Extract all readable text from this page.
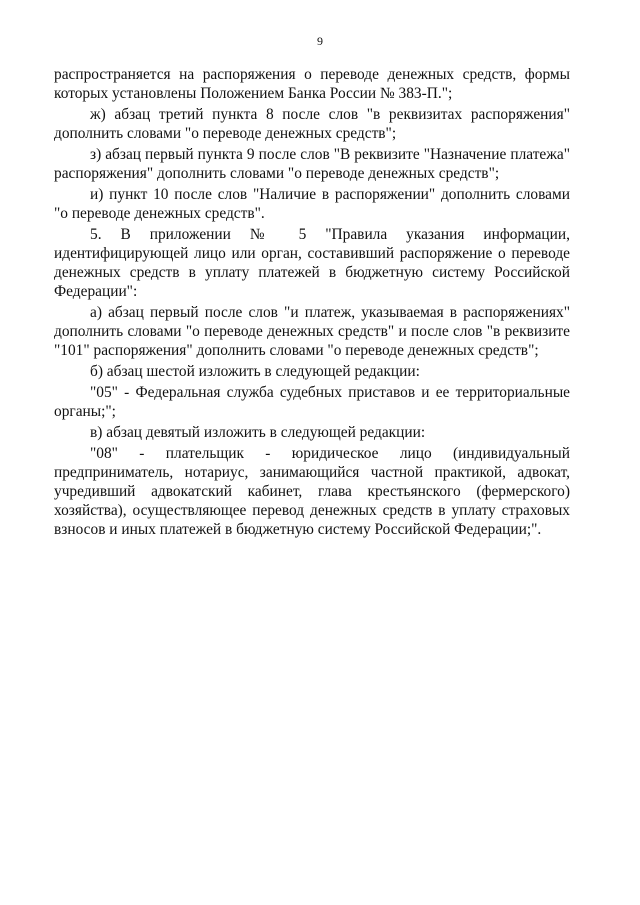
9

распространяется на распоряжения о переводе денежных средств, формы которых установлены Положением Банка России № 383-П.";

ж) абзац третий пункта 8 после слов "в реквизитах распоряжения" дополнить словами "о переводе денежных средств";

з) абзац первый пункта 9 после слов "В реквизите "Назначение платежа" распоряжения" дополнить словами "о переводе денежных средств";

и) пункт 10 после слов "Наличие в распоряжении" дополнить словами "о переводе денежных средств".

5. В приложении № 5 "Правила указания информации, идентифицирующей лицо или орган, составивший распоряжение о переводе денежных средств в уплату платежей в бюджетную систему Российской Федерации":

а) абзац первый после слов "и платеж, указываемая в распоряжениях" дополнить словами "о переводе денежных средств" и после слов "в реквизите "101" распоряжения" дополнить словами "о переводе денежных средств";

б) абзац шестой изложить в следующей редакции:

"05" - Федеральная служба судебных приставов и ее территориальные органы;";

в) абзац девятый изложить в следующей редакции:

"08" - плательщик - юридическое лицо (индивидуальный предприниматель, нотариус, занимающийся частной практикой, адвокат, учредивший адвокатский кабинет, глава крестьянского (фермерского) хозяйства), осуществляющее перевод денежных средств в уплату страховых взносов и иных платежей в бюджетную систему Российской Федерации;".
